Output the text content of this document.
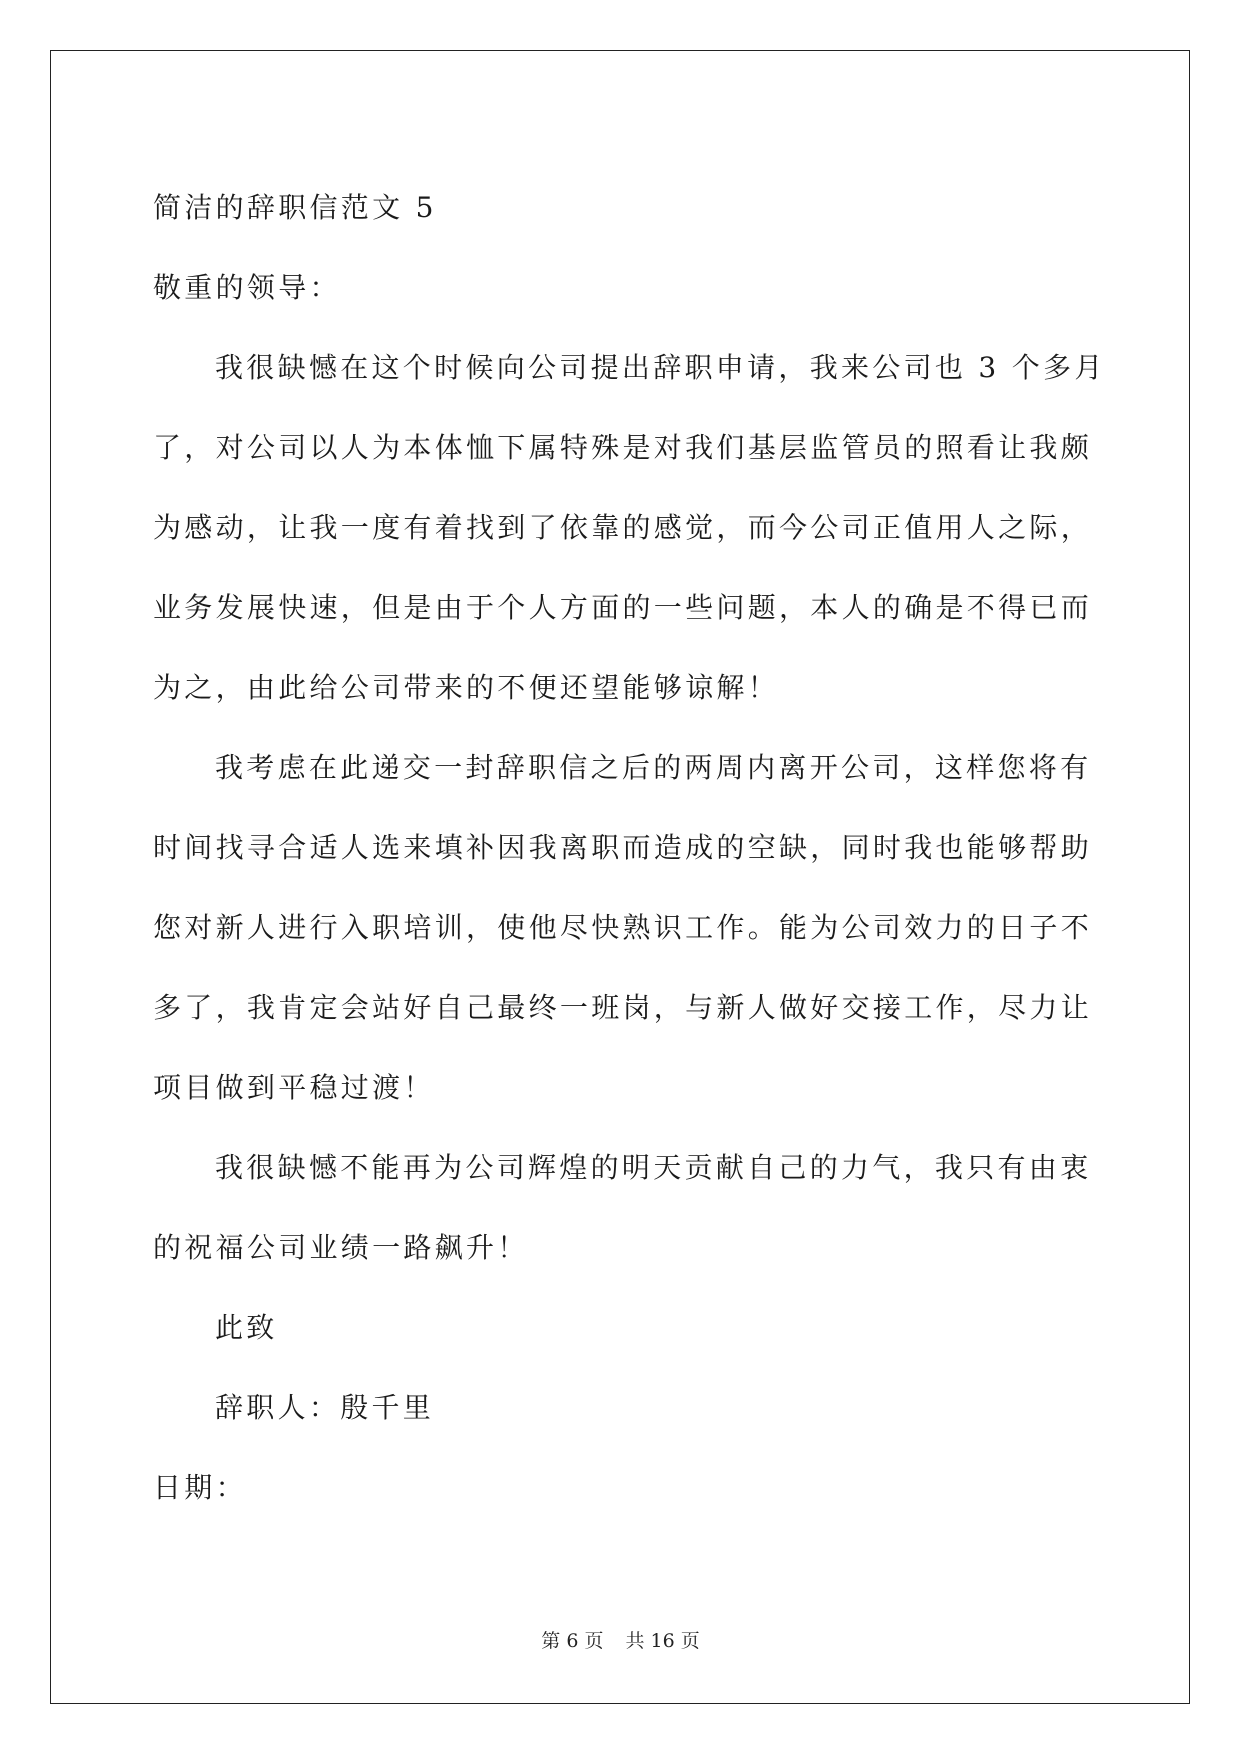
简洁的辞职信范文 5
敬重的领导：
我很缺憾在这个时候向公司提出辞职申请，我来公司也 3 个多月
了，对公司以人为本体恤下属特殊是对我们基层监管员的照看让我颇
为感动，让我一度有着找到了依靠的感觉，而今公司正值用人之际，
业务发展快速，但是由于个人方面的一些问题，本人的确是不得已而
为之，由此给公司带来的不便还望能够谅解！
我考虑在此递交一封辞职信之后的两周内离开公司，这样您将有
时间找寻合适人选来填补因我离职而造成的空缺，同时我也能够帮助
您对新人进行入职培训，使他尽快熟识工作。能为公司效力的日子不
多了，我肯定会站好自己最终一班岗，与新人做好交接工作，尽力让
项目做到平稳过渡！
我很缺憾不能再为公司辉煌的明天贡献自己的力气，我只有由衷
的祝福公司业绩一路飙升！
此致
辞职人：殷千里
日期：
第 6 页 共 16 页
